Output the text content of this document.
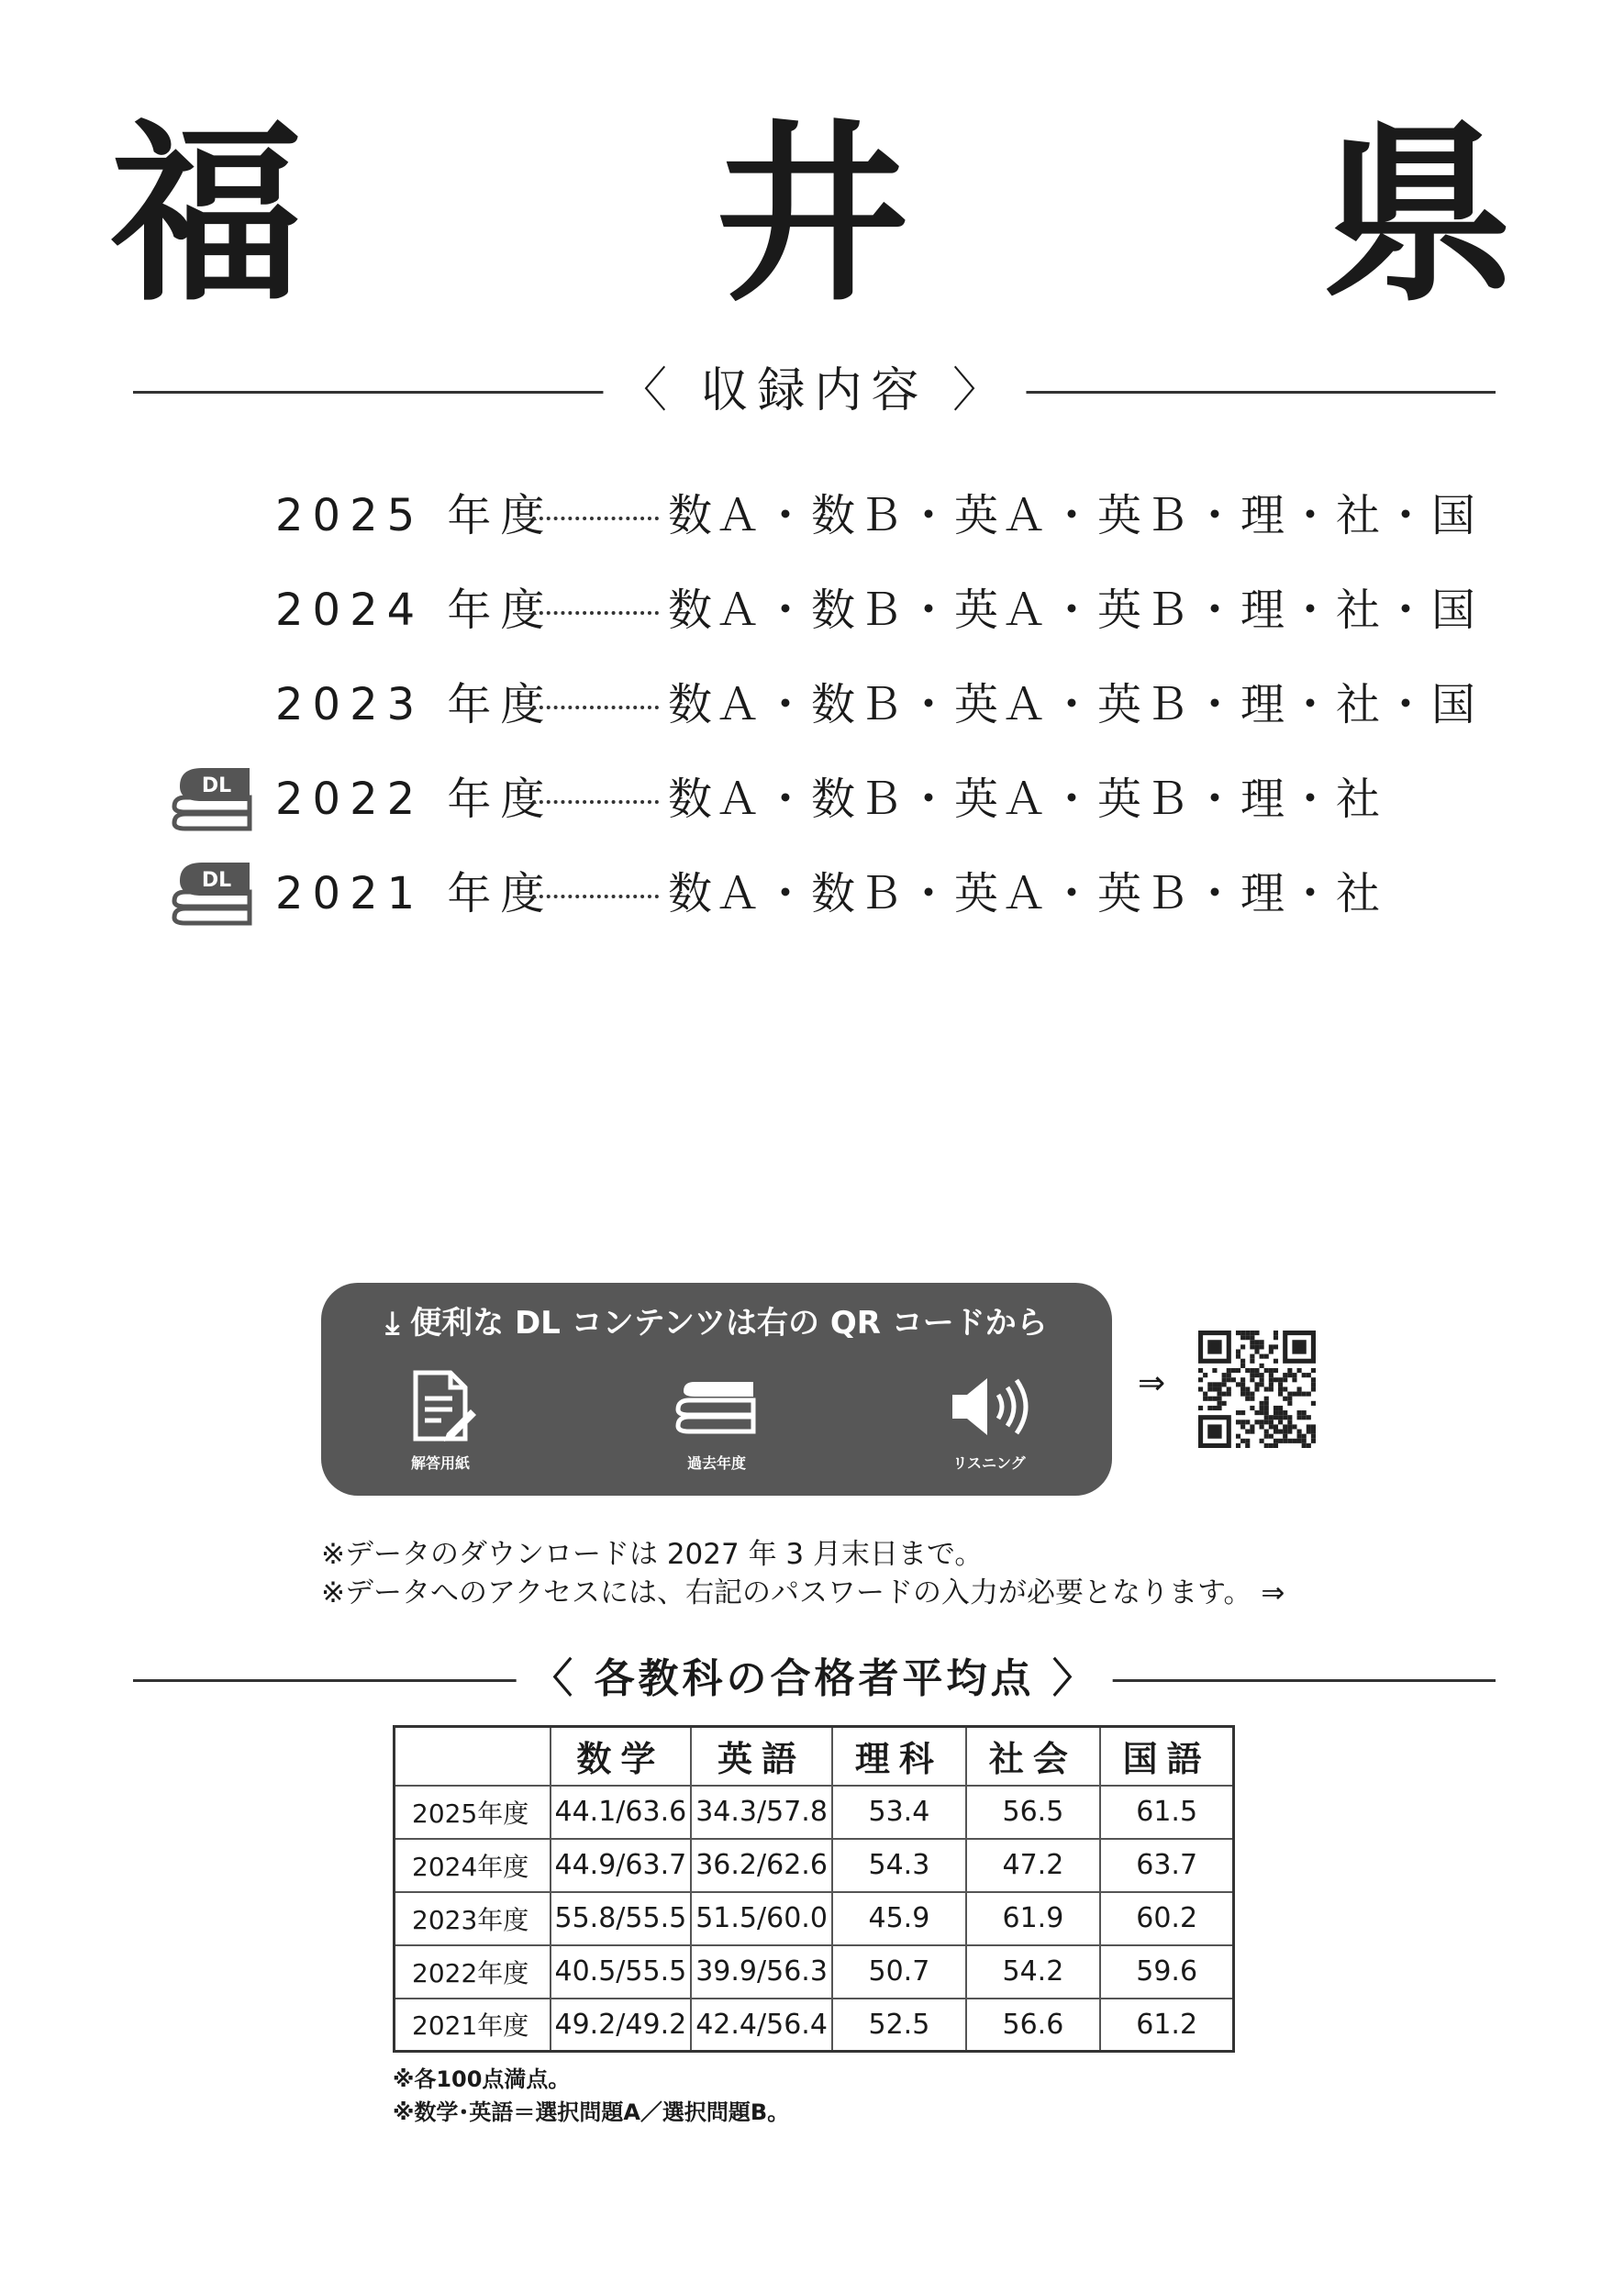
福　井　県
〈 収録内容 〉
2025 年度	数Ａ・数Ｂ・英Ａ・英Ｂ・理・社・国
2024 年度	数Ａ・数Ｂ・英Ａ・英Ｂ・理・社・国
2023 年度	数Ａ・数Ｂ・英Ａ・英Ｂ・理・社・国
2022 年度	数Ａ・数Ｂ・英Ａ・英Ｂ・理・社
DL
2021 年度	数Ａ・数Ｂ・英Ａ・英Ｂ・理・社
DL
⤓ 便利な DL コンテンツは右の QR コードから
解答用紙	過去年度	リスニング
⇒
※データのダウンロードは 2027 年 3 月末日まで。
※データへのアクセスには、右記のパスワードの入力が必要となります。 ⇒
〈 各教科の合格者平均点 〉
	数学	英語	理科	社会	国語
2025年度	44.1/63.6	34.3/57.8	53.4	56.5	61.5
2024年度	44.9/63.7	36.2/62.6	54.3	47.2	63.7
2023年度	55.8/55.5	51.5/60.0	45.9	61.9	60.2
2022年度	40.5/55.5	39.9/56.3	50.7	54.2	59.6
2021年度	49.2/49.2	42.4/56.4	52.5	56.6	61.2
※各100点満点。
※数学･英語＝選択問題A／選択問題B。
